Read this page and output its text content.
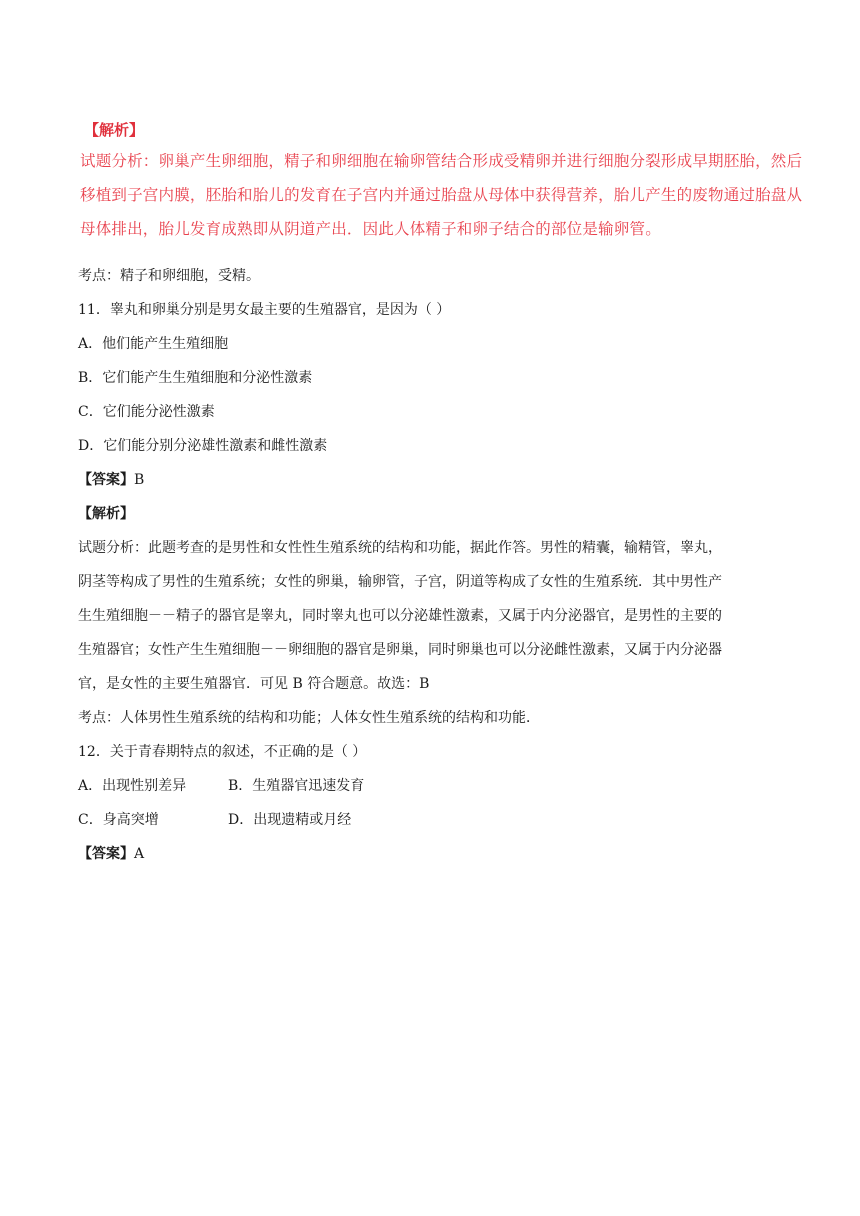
【解析】
试题分析：卵巢产生卵细胞，精子和卵细胞在输卵管结合形成受精卵并进行细胞分裂形成早期胚胎，然后
移植到子宫内膜，胚胎和胎儿的发育在子宫内并通过胎盘从母体中获得营养，胎儿产生的废物通过胎盘从
母体排出，胎儿发育成熟即从阴道产出．因此人体精子和卵子结合的部位是输卵管。
考点：精子和卵细胞，受精。
11．睾丸和卵巢分别是男女最主要的生殖器官，是因为（ ）
A．他们能产生生殖细胞
B．它们能产生生殖细胞和分泌性激素
C．它们能分泌性激素
D．它们能分别分泌雄性激素和雌性激素
【答案】B
【解析】
试题分析：此题考查的是男性和女性性生殖系统的结构和功能，据此作答。男性的精囊，输精管，睾丸，
阴茎等构成了男性的生殖系统；女性的卵巢，输卵管，子宫，阴道等构成了女性的生殖系统．其中男性产
生生殖细胞－－精子的器官是睾丸，同时睾丸也可以分泌雄性激素，又属于内分泌器官，是男性的主要的
生殖器官；女性产生生殖细胞－－卵细胞的器官是卵巢，同时卵巢也可以分泌雌性激素，又属于内分泌器
官，是女性的主要生殖器官．可见 B 符合题意。故选：B
考点：人体男性生殖系统的结构和功能；人体女性生殖系统的结构和功能．
12．关于青春期特点的叙述，不正确的是（ ）
A．出现性别差异	B．生殖器官迅速发育
C．身高突增	D．出现遗精或月经
【答案】A
